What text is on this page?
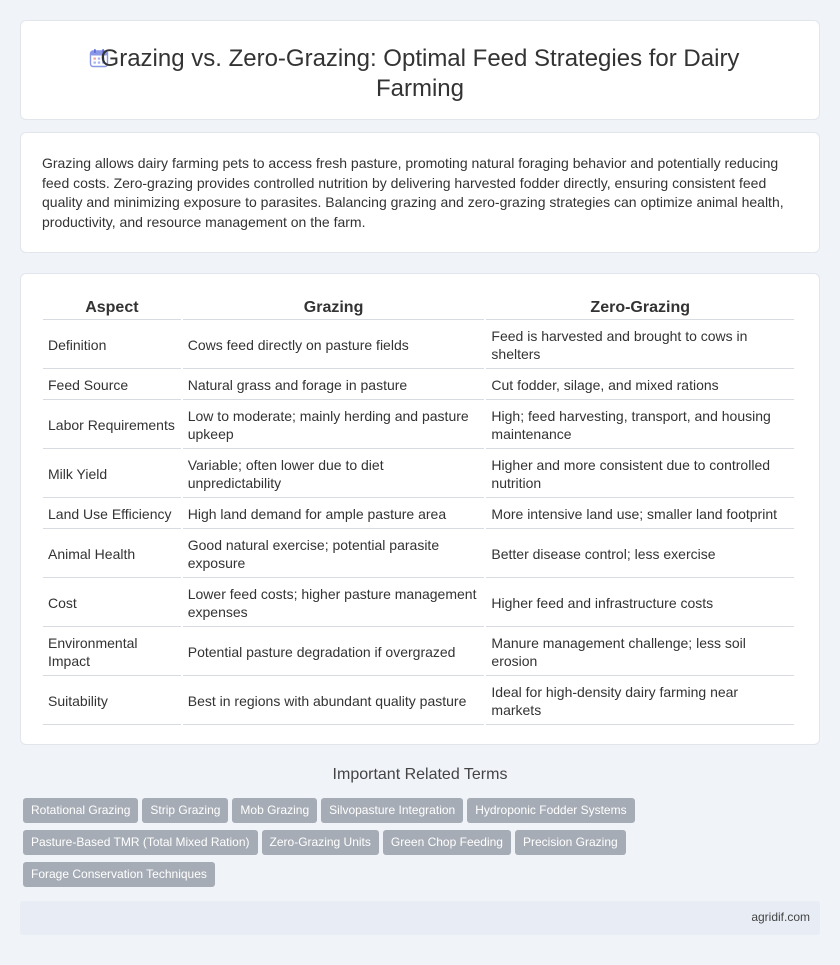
Grazing vs. Zero-Grazing: Optimal Feed Strategies for Dairy Farming

Grazing allows dairy farming pets to access fresh pasture, promoting natural foraging behavior and potentially reducing feed costs. Zero-grazing provides controlled nutrition by delivering harvested fodder directly, ensuring consistent feed quality and minimizing exposure to parasites. Balancing grazing and zero-grazing strategies can optimize animal health, productivity, and resource management on the farm.

Aspect	Grazing	Zero-Grazing
Definition	Cows feed directly on pasture fields	Feed is harvested and brought to cows in shelters
Feed Source	Natural grass and forage in pasture	Cut fodder, silage, and mixed rations
Labor Requirements	Low to moderate; mainly herding and pasture upkeep	High; feed harvesting, transport, and housing maintenance
Milk Yield	Variable; often lower due to diet unpredictability	Higher and more consistent due to controlled nutrition
Land Use Efficiency	High land demand for ample pasture area	More intensive land use; smaller land footprint
Animal Health	Good natural exercise; potential parasite exposure	Better disease control; less exercise
Cost	Lower feed costs; higher pasture management expenses	Higher feed and infrastructure costs
Environmental Impact	Potential pasture degradation if overgrazed	Manure management challenge; less soil erosion
Suitability	Best in regions with abundant quality pasture	Ideal for high-density dairy farming near markets
Important Related Terms
Rotational Grazing Strip Grazing Mob Grazing Silvopasture Integration Hydroponic Fodder Systems
Pasture-Based TMR (Total Mixed Ration) Zero-Grazing Units Green Chop Feeding Precision Grazing
Forage Conservation Techniques
agridif.com
